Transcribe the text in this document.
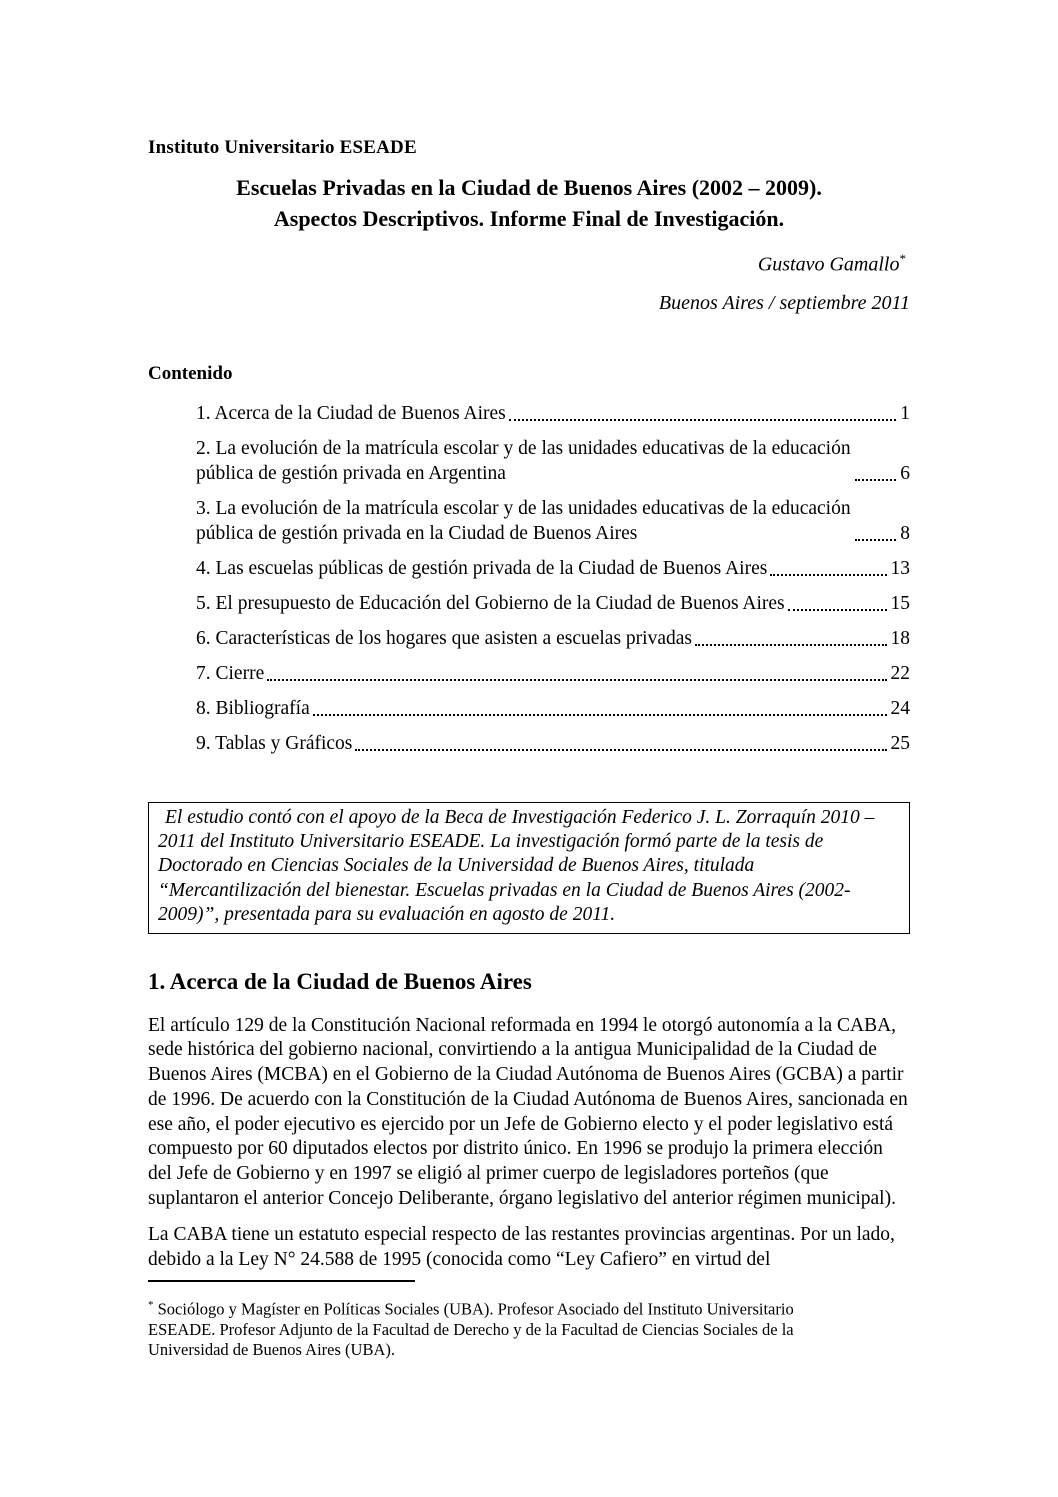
Instituto Universitario ESEADE
Escuelas Privadas en la Ciudad de Buenos Aires (2002 – 2009).
Aspectos Descriptivos. Informe Final de Investigación.
Gustavo Gamallo*
Buenos Aires / septiembre 2011
Contenido
1. Acerca de la Ciudad de Buenos Aires	1
2. La evolución de la matrícula escolar y de las unidades educativas de la educación pública de gestión privada en Argentina	6
3. La evolución de la matrícula escolar y de las unidades educativas de la educación pública de gestión privada en la Ciudad de Buenos Aires	8
4. Las escuelas públicas de gestión privada de la Ciudad de Buenos Aires	13
5. El presupuesto de Educación del Gobierno de la Ciudad de Buenos Aires	15
6. Características de los hogares que asisten a escuelas privadas	18
7. Cierre	22
8. Bibliografía	24
9. Tablas y Gráficos	25
El estudio contó con el apoyo de la Beca de Investigación Federico J. L. Zorraquín 2010 – 2011 del Instituto Universitario ESEADE. La investigación formó parte de la tesis de Doctorado en Ciencias Sociales de la Universidad de Buenos Aires, titulada “Mercantilización del bienestar. Escuelas privadas en la Ciudad de Buenos Aires (2002-2009)”, presentada para su evaluación en agosto de 2011.
1. Acerca de la Ciudad de Buenos Aires

El artículo 129 de la Constitución Nacional reformada en 1994 le otorgó autonomía a la CABA, sede histórica del gobierno nacional, convirtiendo a la antigua Municipalidad de la Ciudad de Buenos Aires (MCBA) en el Gobierno de la Ciudad Autónoma de Buenos Aires (GCBA) a partir de 1996. De acuerdo con la Constitución de la Ciudad Autónoma de Buenos Aires, sancionada en ese año, el poder ejecutivo es ejercido por un Jefe de Gobierno electo y el poder legislativo está compuesto por 60 diputados electos por distrito único. En 1996 se produjo la primera elección del Jefe de Gobierno y en 1997 se eligió al primer cuerpo de legisladores porteños (que suplantaron el anterior Concejo Deliberante, órgano legislativo del anterior régimen municipal).

La CABA tiene un estatuto especial respecto de las restantes provincias argentinas. Por un lado, debido a la Ley N° 24.588 de 1995 (conocida como “Ley Cafiero” en virtud del

* Sociólogo y Magíster en Políticas Sociales (UBA). Profesor Asociado del Instituto Universitario ESEADE. Profesor Adjunto de la Facultad de Derecho y de la Facultad de Ciencias Sociales de la Universidad de Buenos Aires (UBA).
